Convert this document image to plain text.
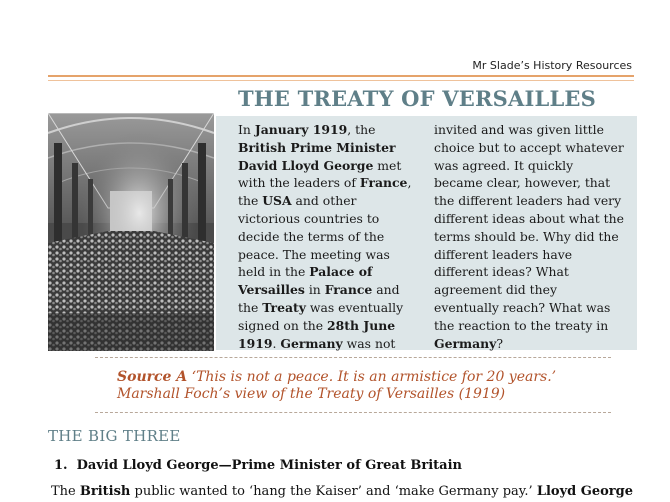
Mr Slade’s History Resources
THE TREATY OF VERSAILLES
In January 1919, the British Prime Minister David Lloyd George met with the leaders of France, the USA and other victorious countries to decide the terms of the peace. The meeting was held in the Palace of Versailles in France and the Treaty was eventually signed on the 28th June 1919. Germany was not
invited and was given little choice but to accept whatever was agreed. It quickly became clear, however, that the different leaders had very different ideas about what the terms should be. Why did the different leaders have different ideas? What agreement did they eventually reach? What was the reaction to the treaty in Germany?
Source A ‘This is not a peace. It is an armistice for 20 years.’
Marshall Foch’s view of the Treaty of Versailles (1919)
THE BIG THREE
1. David Lloyd George—Prime Minister of Great Britain
The British public wanted to ‘hang the Kaiser’ and ‘make Germany pay.’ Lloyd George
